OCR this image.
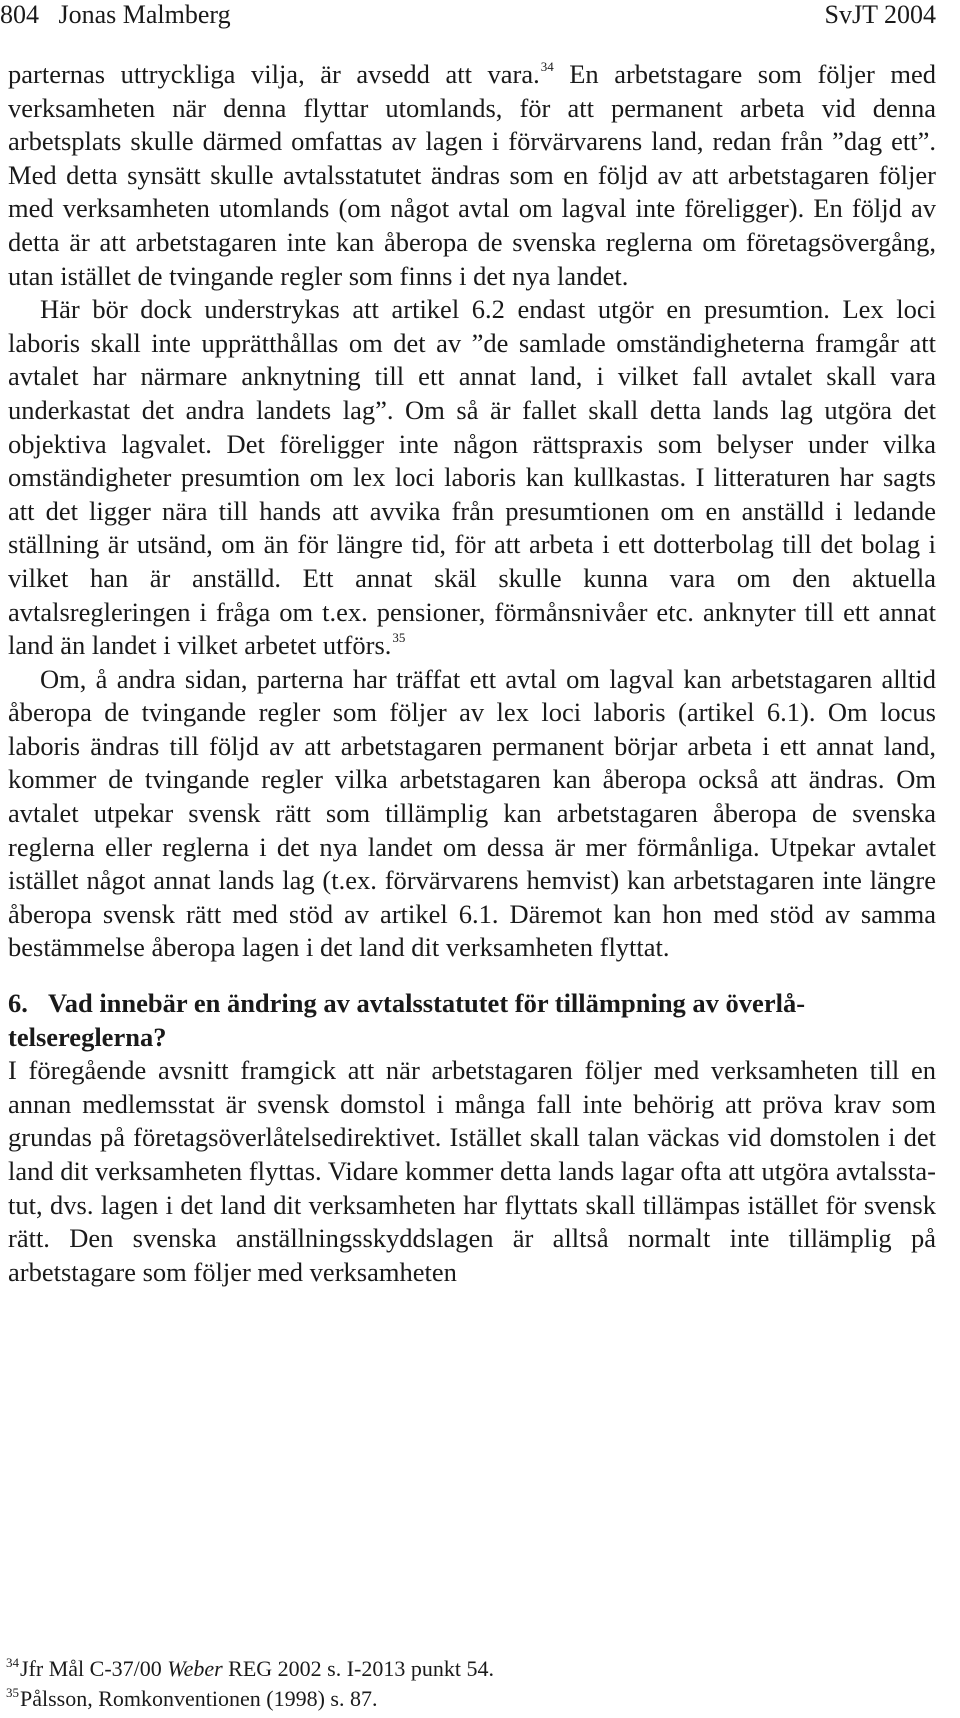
804 Jonas Malmberg	SvJT 2004

parternas uttryckliga vilja, är avsedd att vara.$^{34}$ En arbetstagare som följer med verksamheten när denna flyttar utomlands, för att permanent arbeta vid denna arbetsplats skulle därmed omfattas av lagen i förvärvarens land, redan från ”dag ett”. Med detta synsätt skulle avtalsstatutet ändras som en följd av att arbetstagaren följer med verksamheten utomlands (om något avtal om lagval inte föreligger). En följd av detta är att arbetstagaren inte kan åberopa de svenska reglerna om företagsövergång, utan istället de tvingande regler som finns i det nya landet.

Här bör dock understrykas att artikel 6.2 endast utgör en presumtion. Lex loci laboris skall inte upprätthållas om det av ”de samlade omständigheterna framgår att avtalet har närmare anknytning till ett annat land, i vilket fall avtalet skall vara underkastat det andra landets lag”. Om så är fallet skall detta lands lag utgöra det objektiva lagvalet. Det föreligger inte någon rättspraxis som belyser under vilka omständigheter presumtion om lex loci laboris kan kullkastas. I litteraturen har sagts att det ligger nära till hands att avvika från presumtionen om en anställd i ledande ställning är utsänd, om än för längre tid, för att arbeta i ett dotterbolag till det bolag i vilket han är anställd. Ett annat skäl skulle kunna vara om den aktuella avtalsregleringen i fråga om t.ex. pensioner, förmånsnivåer etc. anknyter till ett annat land än landet i vilket arbetet utförs.$^{35}$

Om, å andra sidan, parterna har träffat ett avtal om lagval kan arbetstagaren alltid åberopa de tvingande regler som följer av lex loci laboris (artikel 6.1). Om locus laboris ändras till följd av att arbetstagaren permanent börjar arbeta i ett annat land, kommer de tvingande regler vilka arbetstagaren kan åberopa också att ändras. Om avtalet utpekar svensk rätt som tillämplig kan arbetstagaren åberopa de svenska reglerna eller reglerna i det nya landet om dessa är mer förmånliga. Utpekar avtalet istället något annat lands lag (t.ex. förvärvarens hemvist) kan arbetstagaren inte längre åberopa svensk rätt med stöd av artikel 6.1. Däremot kan hon med stöd av samma bestämmelse åberopa lagen i det land dit verksamheten flyttat.

6. Vad innebär en ändring av avtalsstatutet för tillämpning av överlåtelsereglerna?

I föregående avsnitt framgick att när arbetstagaren följer med verksamheten till en annan medlemsstat är svensk domstol i många fall inte behörig att pröva krav som grundas på företagsöverlåtelsedirektivet. Istället skall talan väckas vid domstolen i det land dit verksamheten flyttas. Vidare kommer detta lands lagar ofta att utgöra avtalsstatut, dvs. lagen i det land dit verksamheten har flyttats skall tillämpas istället för svensk rätt. Den svenska anställningsskyddslagen är alltså normalt inte tillämplig på arbetstagare som följer med verksamheten

$^{34}$Jfr Mål C-37/00 Weber REG 2002 s. I-2013 punkt 54.
$^{35}$Pålsson, Romkonventionen (1998) s. 87.
